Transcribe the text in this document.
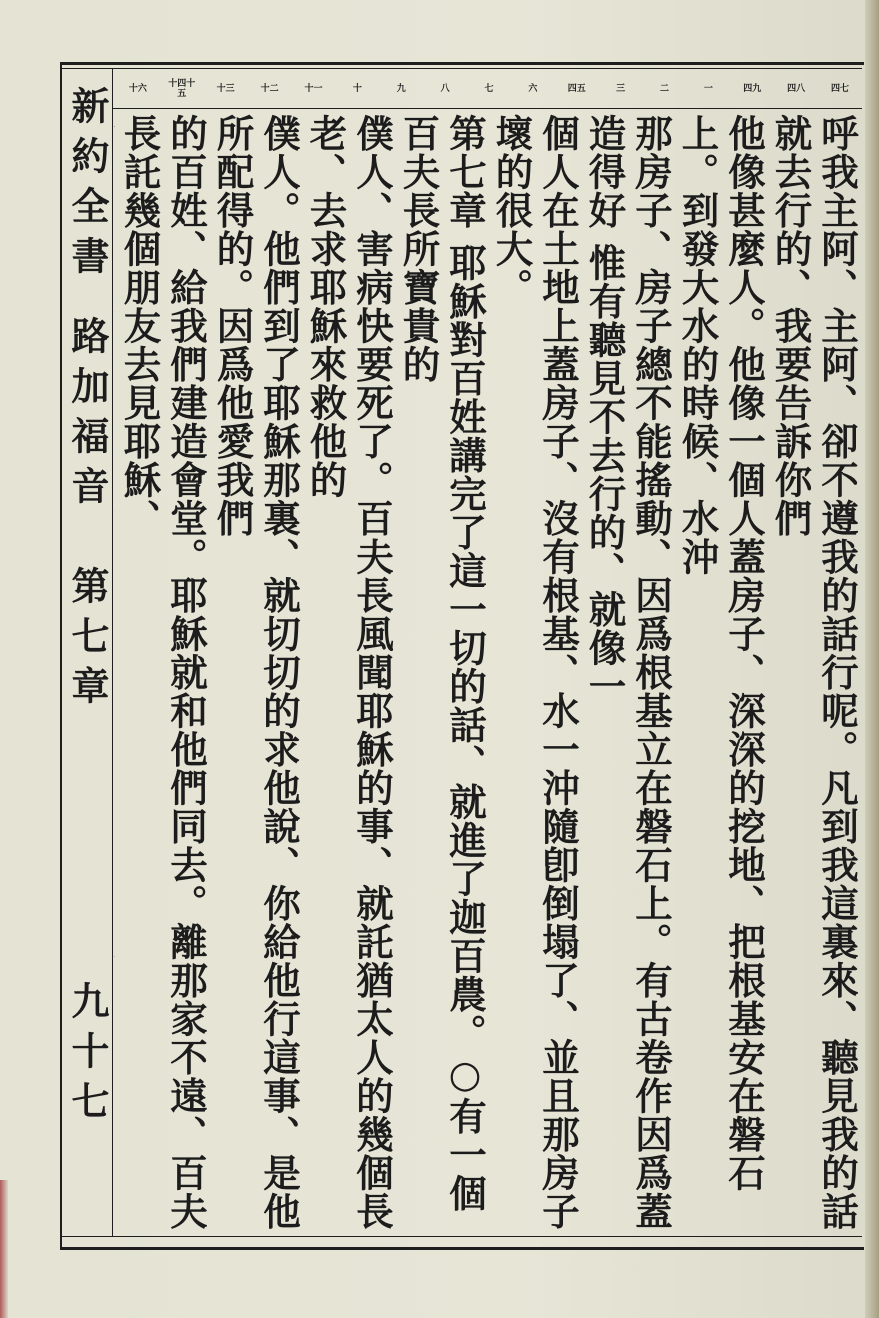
新約全書
路加福音
第七章
九十七
四七
四八
四九
一
二
三
四五
六
七
八
九
十
十一
十二
十三
十四十五
十六
呼我主阿、主阿、卻不遵我的話行呢。凡到我這裏來、聽見我的話就去行的、我要告訴你們
他像甚麼人。他像一個人蓋房子、深深的挖地、把根基安在磐石上。到發大水的時候、水沖
那房子、房子總不能搖動、因爲根基立在磐石上。有古卷作因爲蓋造得好 惟有聽見不去行的、就像一
個人在土地上蓋房子、沒有根基、水一沖隨卽倒塌了、並且那房子壞的很大。
第七章 耶穌對百姓講完了這一切的話、就進了迦百農。○有一個百夫長所寶貴的
僕人、害病快要死了。百夫長風聞耶穌的事、就託猶太人的幾個長老、去求耶穌來救他的
僕人。他們到了耶穌那裏、就切切的求他說、你給他行這事、是他所配得的。因爲他愛我們
的百姓、給我們建造會堂。耶穌就和他們同去。離那家不遠、百夫長託幾個朋友去見耶穌、
